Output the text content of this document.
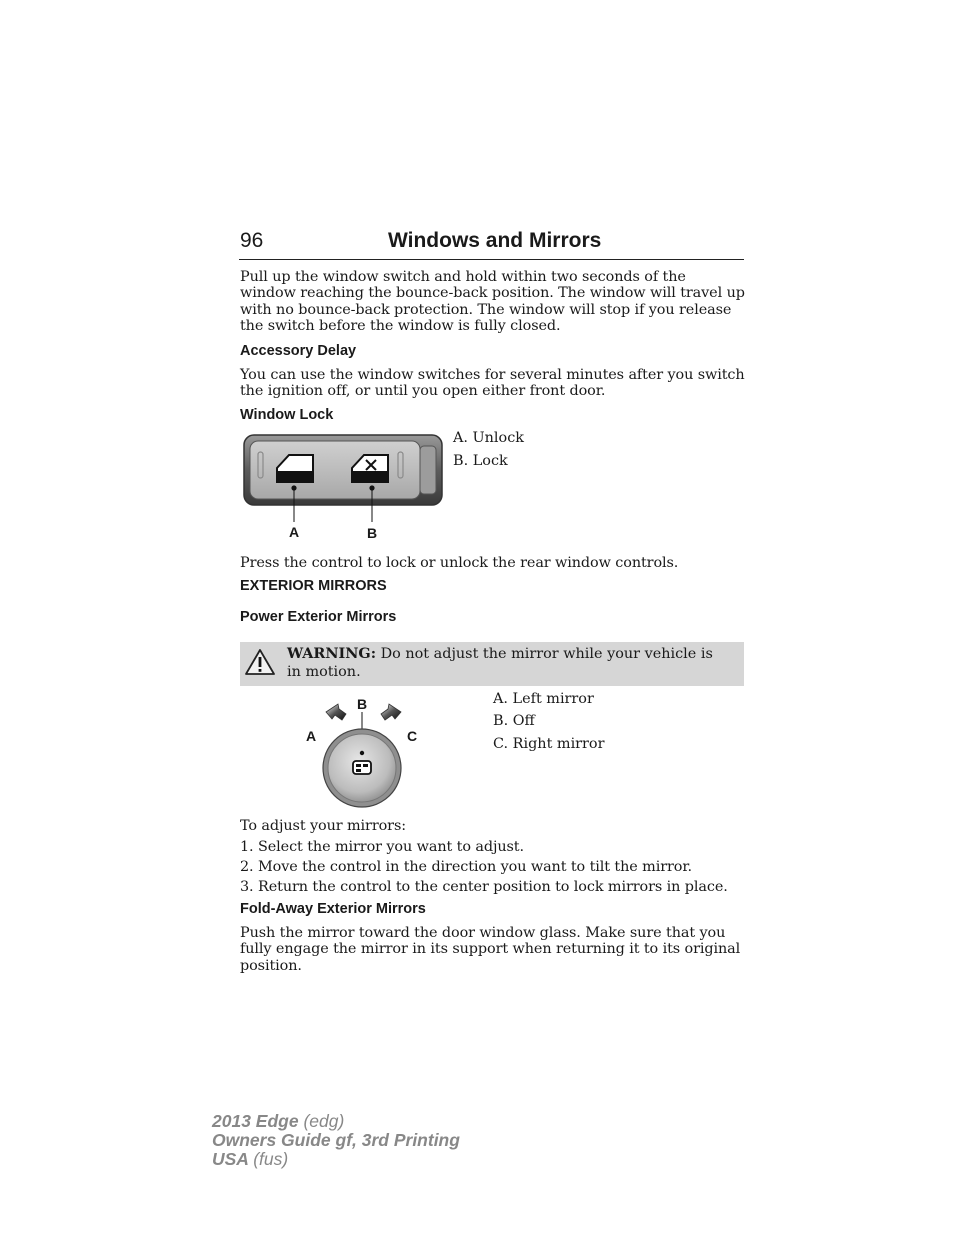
96	Windows and Mirrors
Pull up the window switch and hold within two seconds of the window reaching the bounce-back position. The window will travel up with no bounce-back protection. The window will stop if you release the switch before the window is fully closed.
Accessory Delay
You can use the window switches for several minutes after you switch the ignition off, or until you open either front door.
Window Lock
A	B
A. Unlock
B. Lock
Press the control to lock or unlock the rear window controls.
EXTERIOR MIRRORS
Power Exterior Mirrors
WARNING: Do not adjust the mirror while your vehicle is in motion.
B
A	C
A. Left mirror
B. Off
C. Right mirror
To adjust your mirrors:
1. Select the mirror you want to adjust.
2. Move the control in the direction you want to tilt the mirror.
3. Return the control to the center position to lock mirrors in place.
Fold-Away Exterior Mirrors
Push the mirror toward the door window glass. Make sure that you fully engage the mirror in its support when returning it to its original position.
2013 Edge (edg)
Owners Guide gf, 3rd Printing
USA (fus)
